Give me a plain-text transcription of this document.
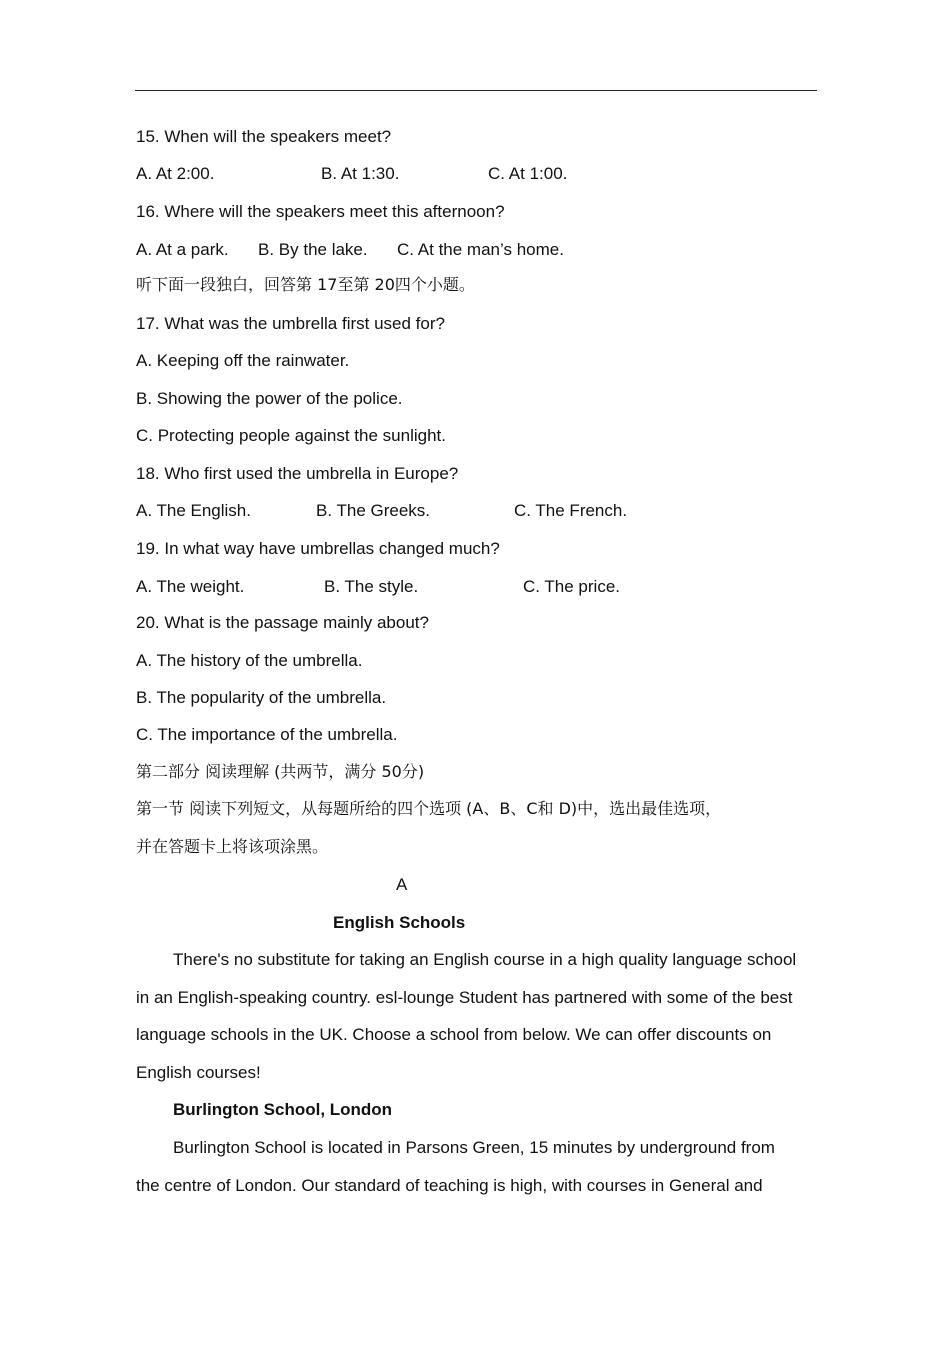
15. When will the speakers meet?
A. At 2:00.	B. At 1:30.	C. At 1:00.
16. Where will the speakers meet this afternoon?
A. At a park. B. By the lake. C. At the man’s home.
听下面一段独白，回答第 17至第 20四个小题。
17. What was the umbrella first used for?
A. Keeping off the rainwater.
B. Showing the power of the police.
C. Protecting people against the sunlight.
18. Who first used the umbrella in Europe?
A. The English.	B. The Greeks.	C. The French.
19. In what way have umbrellas changed much?
A. The weight.	B. The style.	C. The price.
20. What is the passage mainly about?
A. The history of the umbrella.
B. The popularity of the umbrella.
C. The importance of the umbrella.
第二部分 阅读理解 (共两节，满分 50分)
第一节 阅读下列短文，从每题所给的四个选项 (A、B、C和 D)中，选出最佳选项，
并在答题卡上将该项涂黑。
A
English Schools
There's no substitute for taking an English course in a high quality language school
in an English-speaking country. esl-lounge Student has partnered with some of the best
language schools in the UK. Choose a school from below. We can offer discounts on
English courses!
Burlington School, London
Burlington School is located in Parsons Green, 15 minutes by underground from
the centre of London. Our standard of teaching is high, with courses in General and
